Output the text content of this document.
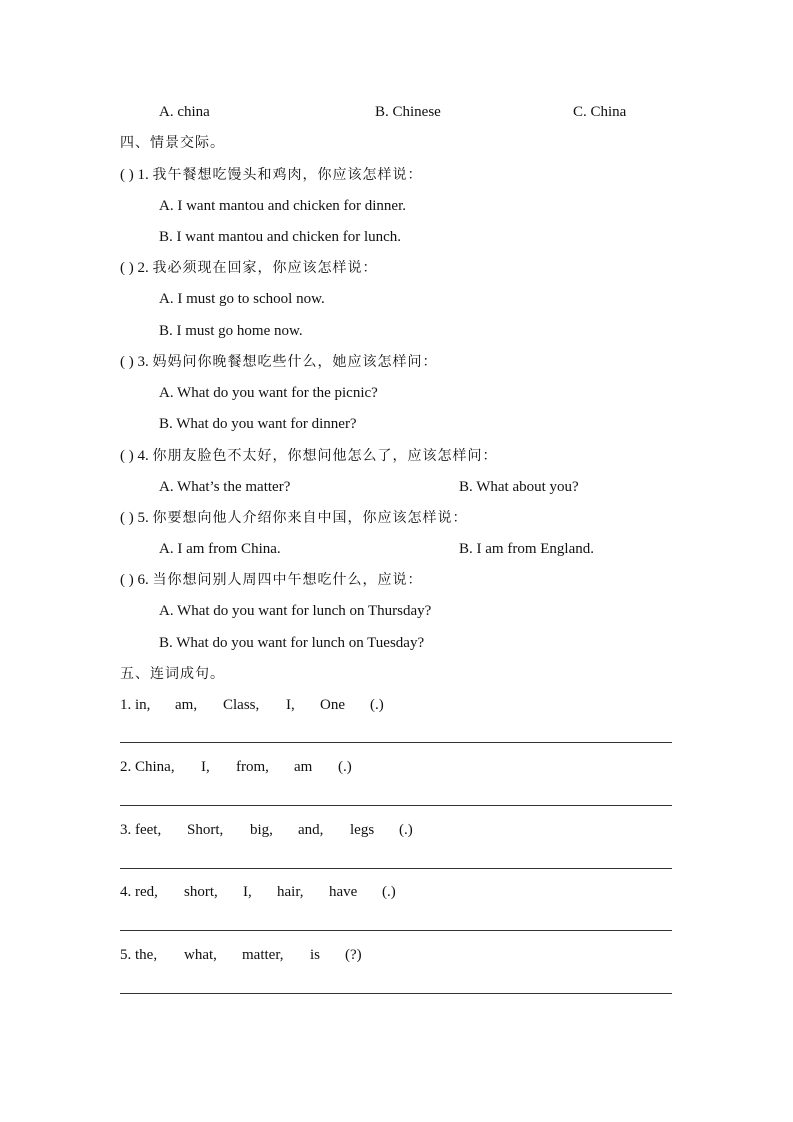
A. china	B. Chinese	C. China
四、情景交际。
( ) 1. 我午餐想吃馒头和鸡肉，你应该怎样说：
A. I want mantou and chicken for dinner.
B. I want mantou and chicken for lunch.
( ) 2. 我必须现在回家，你应该怎样说：
A. I must go to school now.
B. I must go home now.
( ) 3. 妈妈问你晚餐想吃些什么，她应该怎样问：
A. What do you want for the picnic?
B. What do you want for dinner?
( ) 4. 你朋友脸色不太好，你想问他怎么了，应该怎样问：
A. What’s the matter?	B. What about you?
( ) 5. 你要想向他人介绍你来自中国，你应该怎样说：
A. I am from China.	B. I am from England.
( ) 6. 当你想问别人周四中午想吃什么，应说：
A. What do you want for lunch on Thursday?
B. What do you want for lunch on Tuesday?
五、连词成句。
1. in, am, Class, I, One (.)
2. China, I, from, am (.)
3. feet, Short, big, and, legs (.)
4. red, short, I, hair, have (.)
5. the, what, matter, is (?)
